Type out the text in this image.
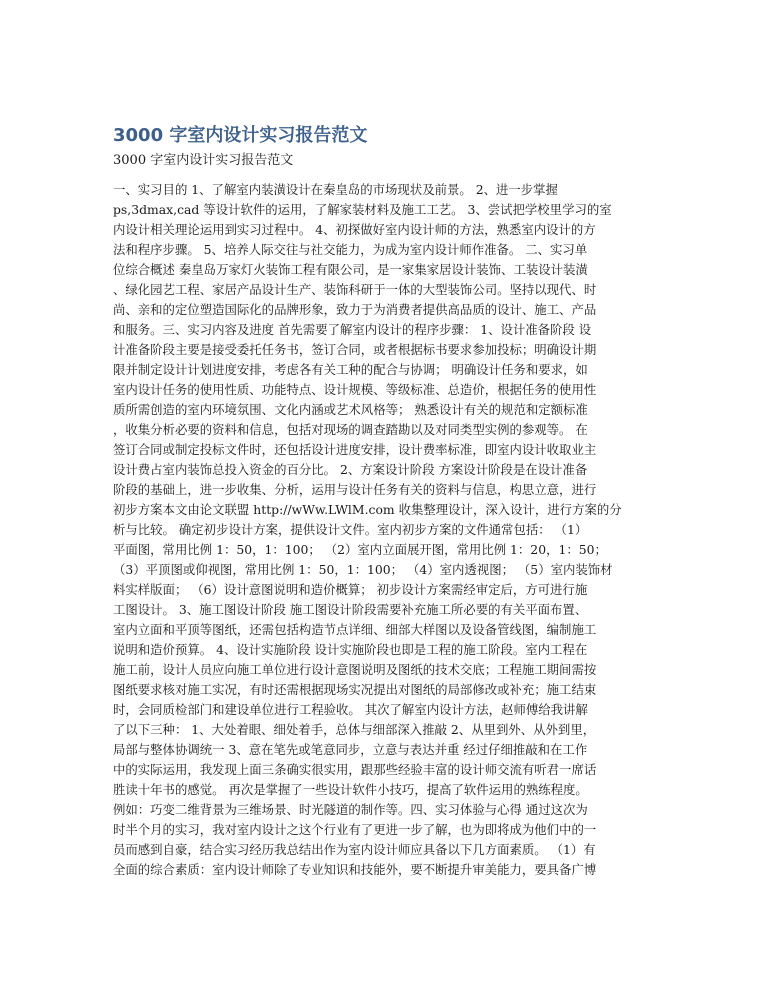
3000 字室内设计实习报告范文

3000 字室内设计实习报告范文

一、实习目的 1、了解室内装潢设计在秦皇岛的市场现状及前景。 2、进一步掌握
ps,3dmax,cad 等设计软件的运用，了解家装材料及施工工艺。 3、尝试把学校里学习的室
内设计相关理论运用到实习过程中。 4、初探做好室内设计师的方法，熟悉室内设计的方
法和程序步骤。 5、培养人际交往与社交能力，为成为室内设计师作准备。 二、实习单
位综合概述 秦皇岛万家灯火装饰工程有限公司，是一家集家居设计装饰、工装设计装潢
、绿化园艺工程、家居产品设计生产、装饰科研于一体的大型装饰公司。坚持以现代、时
尚、亲和的定位塑造国际化的品牌形象，致力于为消费者提供高品质的设计、施工、产品
和服务。三、实习内容及进度 首先需要了解室内设计的程序步骤： 1、设计准备阶段 设
计准备阶段主要是接受委托任务书，签订合同，或者根据标书要求参加投标；明确设计期
限并制定设计计划进度安排，考虑各有关工种的配合与协调； 明确设计任务和要求，如
室内设计任务的使用性质、功能特点、设计规模、等级标准、总造价，根据任务的使用性
质所需创造的室内环境氛围、文化内涵或艺术风格等； 熟悉设计有关的规范和定额标准
，收集分析必要的资料和信息，包括对现场的调查踏勘以及对同类型实例的参观等。 在
签订合同或制定投标文件时，还包括设计进度安排，设计费率标准，即室内设计收取业主
设计费占室内装饰总投入资金的百分比。 2、方案设计阶段 方案设计阶段是在设计准备
阶段的基础上，进一步收集、分析，运用与设计任务有关的资料与信息，构思立意，进行
初步方案本文由论文联盟 http://wWw.LWlM.com 收集整理设计，深入设计，进行方案的分
析与比较。 确定初步设计方案，提供设计文件。室内初步方案的文件通常包括： （1）
平面图，常用比例 1：50，1：100； （2）室内立面展开图，常用比例 1：20，1：50；
（3）平顶图或仰视图，常用比例 1：50，1：100； （4）室内透视图； （5）室内装饰材
料实样版面； （6）设计意图说明和造价概算； 初步设计方案需经审定后，方可进行施
工图设计。 3、施工图设计阶段 施工图设计阶段需要补充施工所必要的有关平面布置、
室内立面和平顶等图纸，还需包括构造节点详细、细部大样图以及设备管线图，编制施工
说明和造价预算。 4、设计实施阶段 设计实施阶段也即是工程的施工阶段。室内工程在
施工前，设计人员应向施工单位进行设计意图说明及图纸的技术交底；工程施工期间需按
图纸要求核对施工实况，有时还需根据现场实况提出对图纸的局部修改或补充；施工结束
时，会同质检部门和建设单位进行工程验收。 其次了解室内设计方法，赵师傅给我讲解
了以下三种： 1、大处着眼、细处着手，总体与细部深入推敲 2、从里到外、从外到里，
局部与整体协调统一 3、意在笔先或笔意同步，立意与表达并重 经过仔细推敲和在工作
中的实际运用，我发现上面三条确实很实用，跟那些经验丰富的设计师交流有听君一席话
胜读十年书的感觉。 再次是掌握了一些设计软件小技巧，提高了软件运用的熟练程度。
例如：巧变二维背景为三维场景、时光隧道的制作等。四、实习体验与心得 通过这次为
时半个月的实习，我对室内设计之这个行业有了更进一步了解，也为即将成为他们中的一
员而感到自豪，结合实习经历我总结出作为室内设计师应具备以下几方面素质。 （1）有
全面的综合素质：室内设计师除了专业知识和技能外，要不断提升审美能力，要具备广博
